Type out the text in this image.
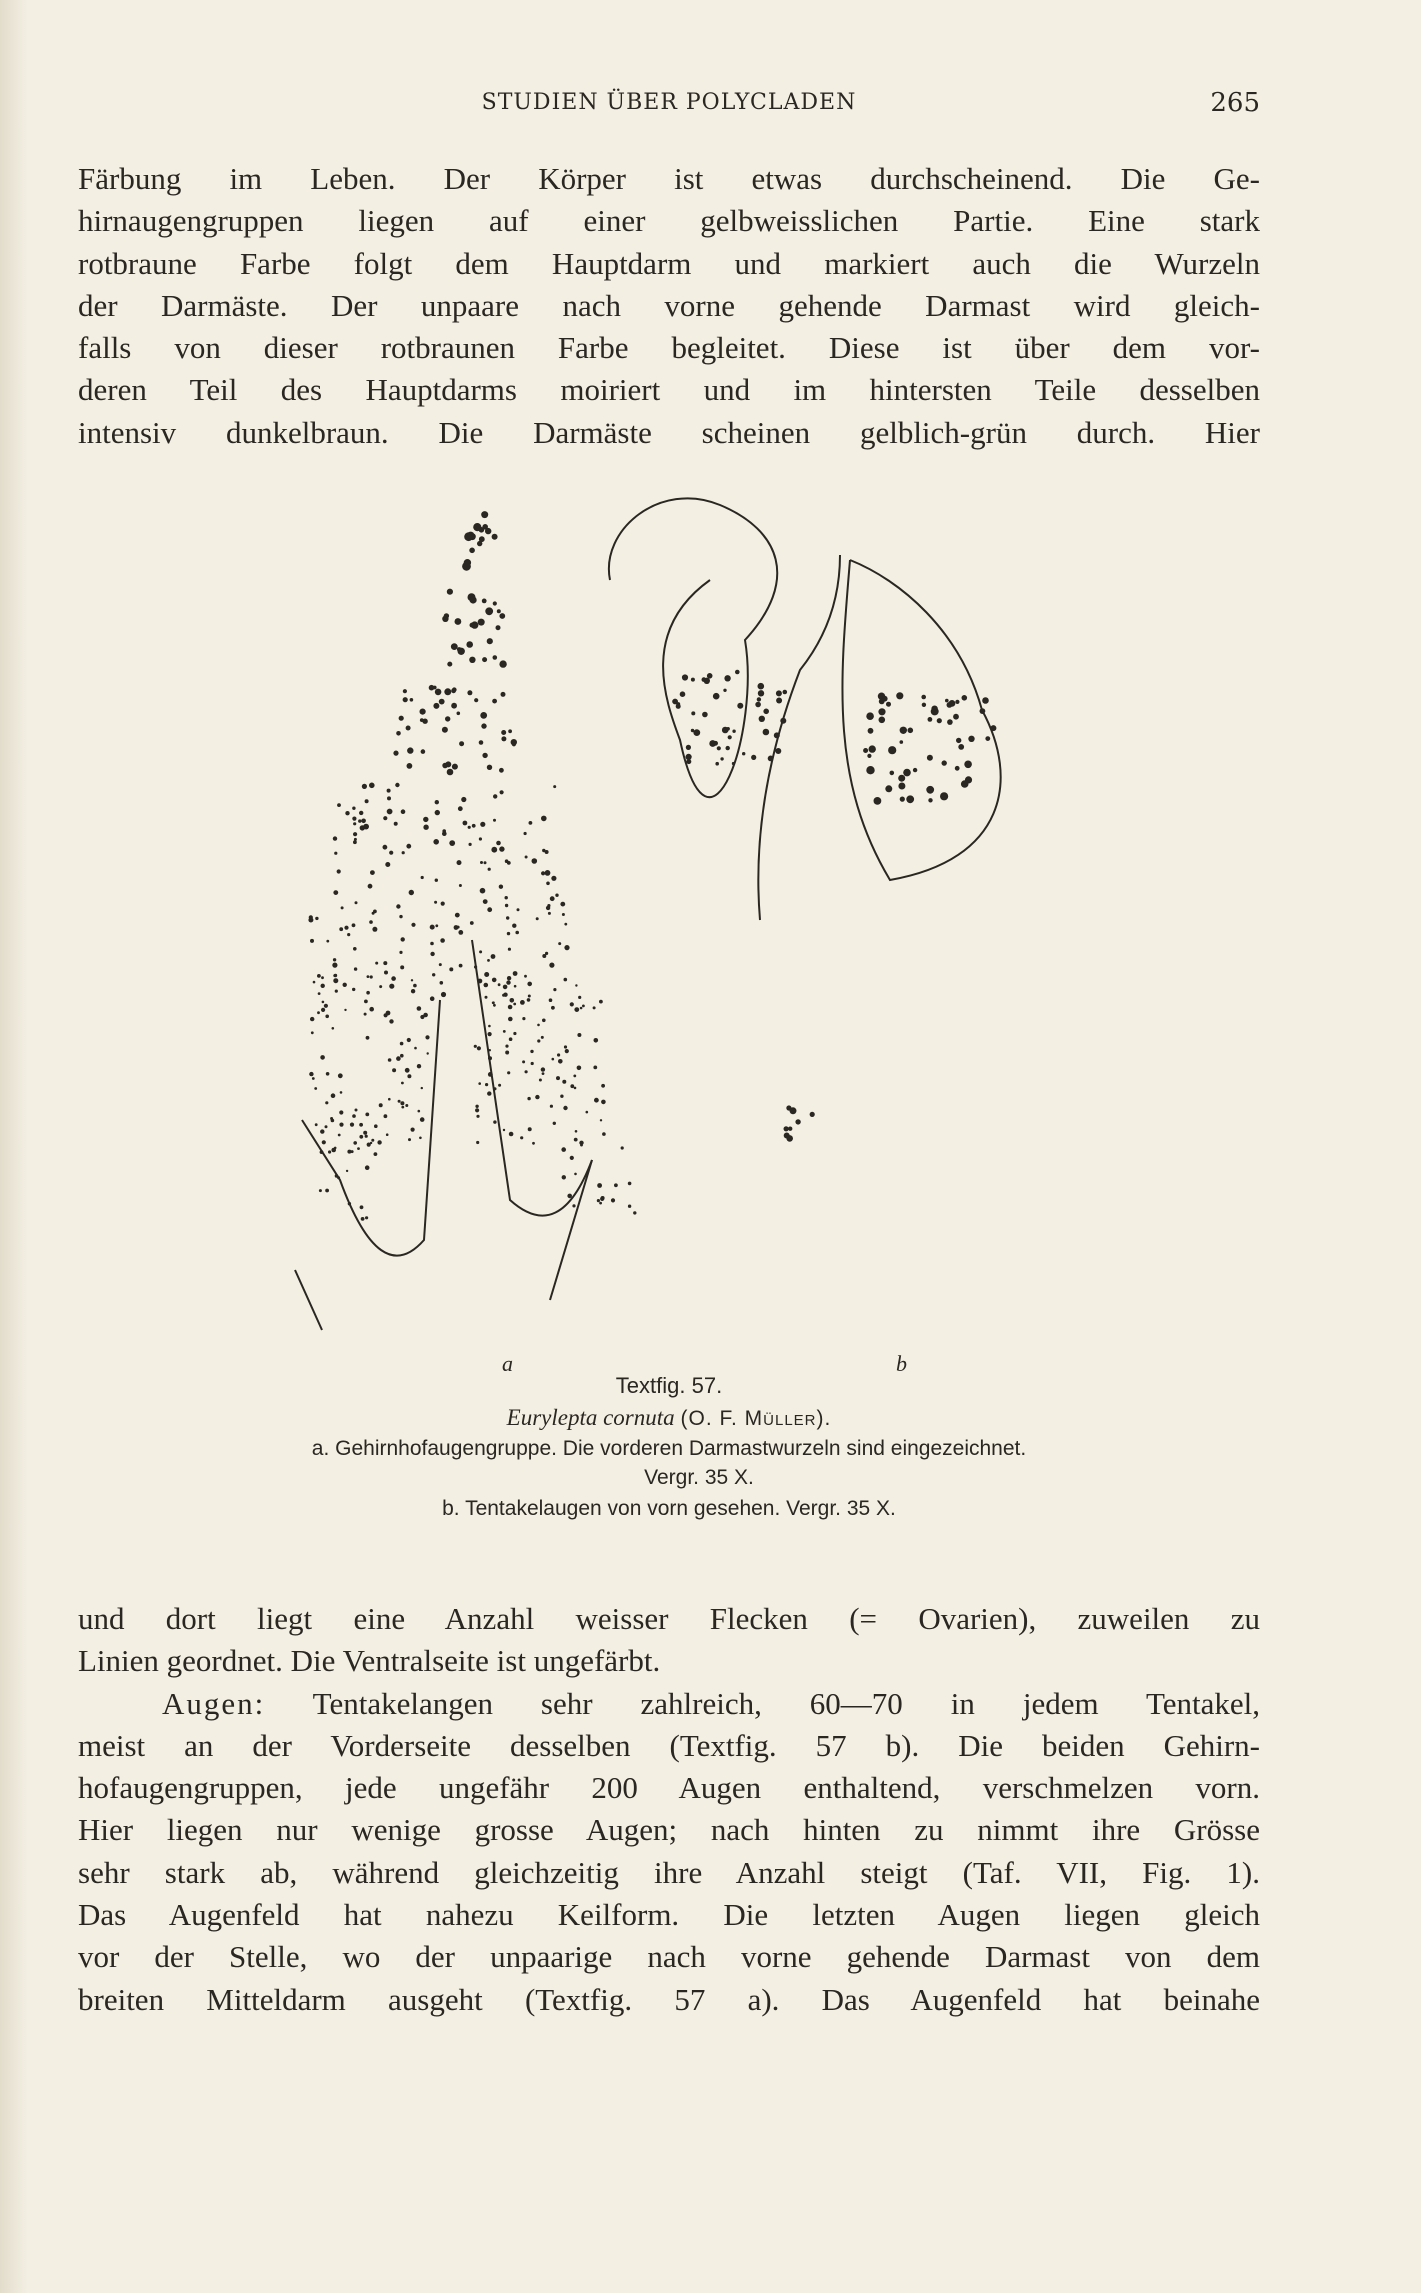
STUDIEN ÜBER POLYCLADEN	265

Färbung im Leben. Der Körper ist etwas durchscheinend. Die Ge-
hirnaugengruppen liegen auf einer gelbweisslichen Partie. Eine stark
rotbraune Farbe folgt dem Hauptdarm und markiert auch die Wurzeln
der Darmäste. Der unpaare nach vorne gehende Darmast wird gleich-
falls von dieser rotbraunen Farbe begleitet. Diese ist über dem vor-
deren Teil des Hauptdarms moiriert und im hintersten Teile desselben
intensiv dunkelbraun. Die Darmäste scheinen gelblich-grün durch. Hier

a	b

Textfig. 57.

Eurylepta cornuta (O. F. Müller).

a. Gehirnhofaugengruppe. Die vorderen Darmastwurzeln sind eingezeichnet.

Vergr. 35 X.

b. Tentakelaugen von vorn gesehen. Vergr. 35 X.

und dort liegt eine Anzahl weisser Flecken (= Ovarien), zuweilen zu
Linien geordnet. Die Ventralseite ist ungefärbt.
Augen: Tentakelangen sehr zahlreich, 60—70 in jedem Tentakel,
meist an der Vorderseite desselben (Textfig. 57 b). Die beiden Gehirn-
hofaugengruppen, jede ungefähr 200 Augen enthaltend, verschmelzen vorn.
Hier liegen nur wenige grosse Augen; nach hinten zu nimmt ihre Grösse
sehr stark ab, während gleichzeitig ihre Anzahl steigt (Taf. VII, Fig. 1).
Das Augenfeld hat nahezu Keilform. Die letzten Augen liegen gleich
vor der Stelle, wo der unpaarige nach vorne gehende Darmast von dem
breiten Mitteldarm ausgeht (Textfig. 57 a). Das Augenfeld hat beinahe
